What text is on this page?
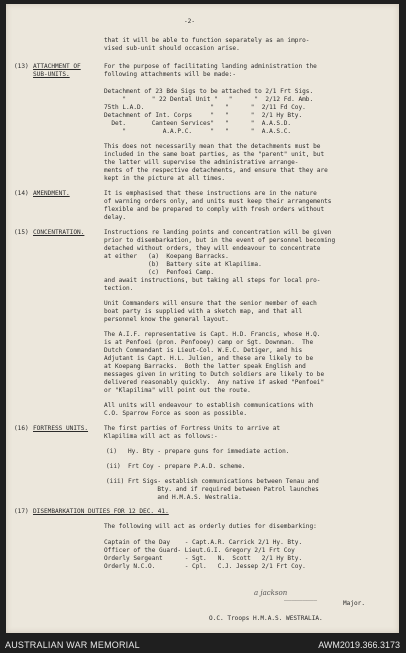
-2-
that it will be able to function separately as an impro-
vised sub-unit should occasion arise.
(13) ATTACHMENT OF
SUB-UNITS.
For the purpose of facilitating landing administration the
following attachments will be made:-
Detachment of 23 Bde Sigs to be attached to 2/1 Frt Sigs.
"       " 22 Dental Unit "   "      "  2/12 Fd. Amb.
75th L.A.D.                  "   "      "  2/11 Fd Coy.
Detachment of Int. Corps     "   "      "  2/1 Hy Bty.
Det.       Canteen Services"   "      "  A.A.S.D.
"          A.A.P.C.     "   "      "  A.A.S.C.
This does not necessarily mean that the detachments must be
included in the same boat parties, as the "parent" unit, but
the latter will supervise the administrative arrange-
ments of the respective detachments, and ensure that they are
kept in the picture at all times.
(14) AMENDMENT.	It is emphasised that these instructions are in the nature
of warning orders only, and units must keep their arrangements
flexible and be prepared to comply with fresh orders without
delay.
(15) CONCENTRATION.	Instructions re landing points and concentration will be given
prior to disembarkation, but in the event of personnel becoming
detached without orders, they will endeavour to concentrate
at either   (a)  Koepang Barracks.
(b)  Battery site at Klapilima.
(c)  Penfoei Camp.
and await instructions, but taking all steps for local pro-
tection.
Unit Commanders will ensure that the senior member of each
boat party is supplied with a sketch map, and that all
personnel know the general layout.
The A.I.F. representative is Capt. H.D. Francis, whose H.Q.
is at Penfoei (pron. Penfooey) camp or Sgt. Downman.  The
Dutch Commandant is Lieut-Col. W.E.C. Detiger, and his
Adjutant is Capt. H.L. Julien, and these are likely to be
at Koepang Barracks.  Both the latter speak English and
messages given in writing to Dutch soldiers are likely to be
delivered reasonably quickly.  Any native if asked "Penfoei"
or "Klapilima" will point out the route.
All units will endeavour to establish communications with
C.O. Sparrow Force as soon as possible.
(16) FORTRESS UNITS.	The first parties of Fortress Units to arrive at
Klapilima will act as follows:-
(i)   Hy. Bty - prepare guns for immediate action.
(ii)  Frt Coy - prepare P.A.D. scheme.
(iii) Frt Sigs- establish communications between Tenau and
Bty. and if required between Patrol launches
and H.M.A.S. Westralia.
(17) DISEMBARKATION DUTIES FOR 12 DEC. 41.
The following will act as orderly duties for disembarking:
Captain of the Day    - Capt.A.R. Carrick 2/1 Hy. Bty.
Officer of the Guard- Lieut.G.I. Gregory 2/1 Frt Coy
Orderly Sergeant      - Sgt.   N.  Scott   2/1 Hy Bty.
Orderly N.C.O.        - Cpl.   C.J. Jessep 2/1 Frt Coy.
a jackson
_________
Major.
O.C. Troops H.M.A.S. WESTRALIA.
AUSTRALIAN WAR MEMORIAL	AWM2019.366.3173
